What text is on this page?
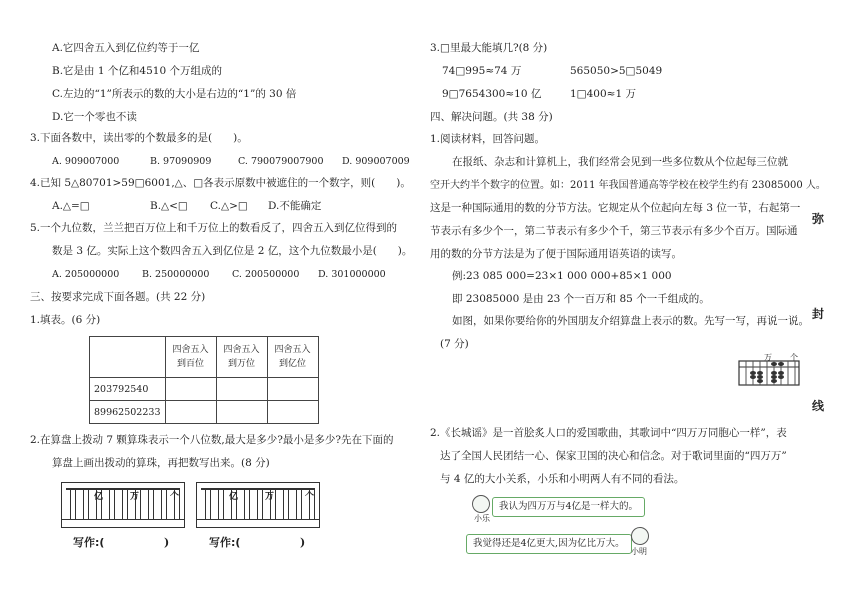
A.它四舍五入到亿位约等于一亿
B.它是由 1 个亿和4510 个万组成的
C.左边的“1”所表示的数的大小是右边的“1”的 30 倍
D.它一个零也不读
3.下面各数中，读出零的个数最多的是(　　)。
A. 909007000	B. 97090909	C. 790079007900 D. 909007009
4.已知 5△80701>59□6001,△、□各表示原数中被遮住的一个数字，则(　　)。
A.△=□	B.△<□ C.△>□ D.不能确定
5.一个九位数，兰兰把百万位上和千万位上的数看反了，四舍五入到亿位得到的
数是 3 亿。实际上这个数四舍五入到亿位是 2 亿，这个九位数最小是(　　)。
A. 205000000 B. 250000000 C. 200500000 D. 301000000
三、按要求完成下面各题。(共 22 分)
1.填表。(6 分)
	四舍五入
到百位	四舍五入
到万位	四舍五入
到亿位
203792540			
89962502233			
2.在算盘上拨动 7 颗算珠表示一个八位数,最大是多少?最小是多少?先在下面的
算盘上画出拨动的算珠，再把数写出来。(8 分)
亿	万	个
写作:(	)
亿	万	个
写作:(	)
3.□里最大能填几?(8 分)
74□995≈74 万	565050>5□5049
9□7654300≈10 亿	1□400≈1 万
四、解决问题。(共 38 分)
1.阅读材料，回答问题。
在报纸、杂志和计算机上，我们经常会见到一些多位数从个位起每三位就
空开大约半个数字的位置。如：2011 年我国普通高等学校在校学生约有 23085000 人。
这是一种国际通用的数的分节方法。它规定从个位起向左每 3 位一节，右起第一
节表示有多少个一，第二节表示有多少个千，第三节表示有多少个百万。国际通
用的数的分节方法是为了便于国际通用语英语的读写。
例:23 085 000=23×1 000 000+85×1 000
即 23085000 是由 23 个一百万和 85 个一千组成的。
如图，如果你要给你的外国朋友介绍算盘上表示的数。先写一写，再说一说。
(7 分)
万 个
2.《长城谣》是一首脍炙人口的爱国歌曲，其歌词中“四万万同胞心一样”，表
达了全国人民团结一心、保家卫国的决心和信念。对于歌词里面的“四万万”
与 4 亿的大小关系，小乐和小明两人有不同的看法。
小乐
我认为四万万与4亿是一样大的。
我觉得还是4亿更大,因为亿比万大。
小明
弥
封
线
